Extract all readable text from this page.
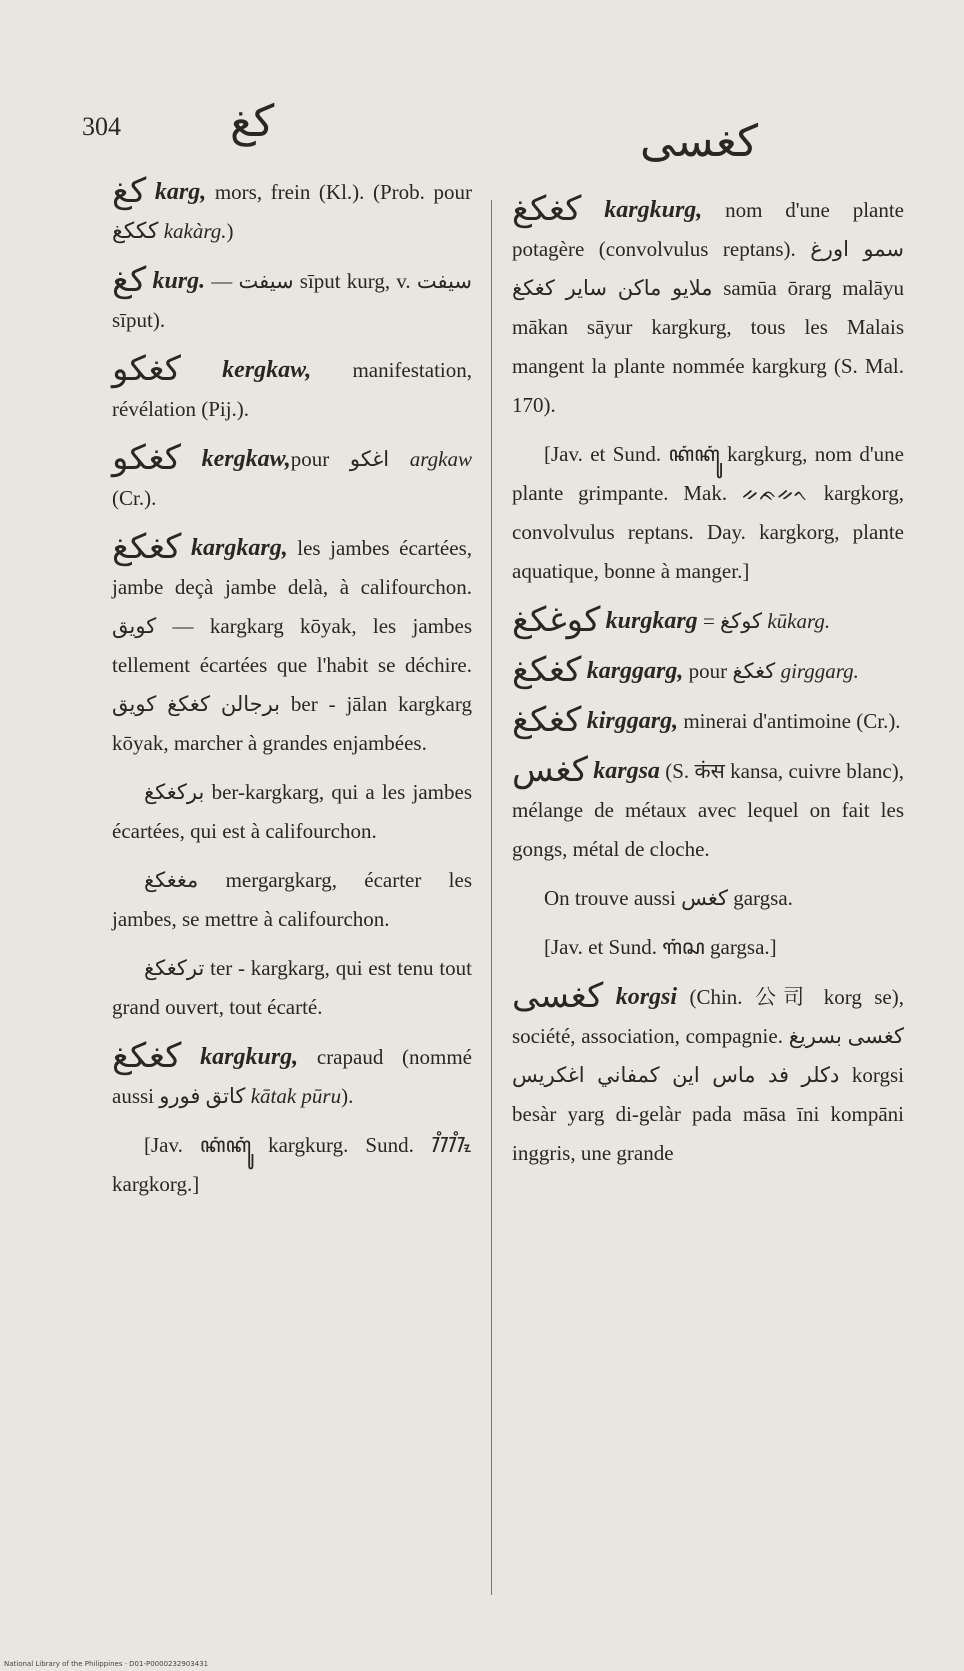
304 كغ	كغسى

كغ karg, mors, frein (Kl.). (Prob. pour كككغ kakàrg.)

كغ kurg. — سيفت sīput kurg, v. سيفت sīput).

كغكو kergkaw, manifestation, révélation (Pij.).

كغكو kergkaw,pour اغكو argkaw (Cr.).

كغكغ kargkarg, les jambes écartées, jambe deçà jambe delà, à califourchon. كويق — kargkarg kōyak, les jambes tellement écartées que l'habit se déchire. برجالن كغكغ كويق ber - jālan kargkarg kōyak, marcher à grandes enjambées.

بركغكغ ber-kargkarg, qui a les jambes écartées, qui est à califourchon.

مغغكغ mergargkarg, écarter les jambes, se mettre à califourchon.

تركغكغ ter - kargkarg, qui est tenu tout grand ouvert, tout écarté.

كغكغ kargkurg, crapaud (nommé aussi كاتق فورو kātak pūru).

[Jav. ꦏꦁꦏꦸꦁ kargkurg. Sund. ᮊᮀᮊᮧᮀ kargkorg.]

كغكغ kargkurg, nom d'une plante potagère (convolvulus reptans). سمو اورغ ملايو ماكن ساير كغكغ samūa ōrarg malāyu mākan sāyur kargkurg, tous les Malais mangent la plante nommée kargkurg (S. Mal. 170).

[Jav. et Sund. ꦏꦁꦏꦸꦁ kargkurg, nom d'une plante grimpante. Mak. ᨀᨃᨀᨚ kargkorg, convolvulus reptans. Day. kargkorg, plante aquatique, bonne à manger.]

كوغكغ kurgkarg = كوكغ kūkarg.

كغكغ karggarg, pour كغكغ girggarg.

كغكغ kirggarg, minerai d'antimoine (Cr.).

كغس kargsa (S. कंस kansa, cuivre blanc), mélange de métaux avec lequel on fait les gongs, métal de cloche.

On trouve aussi كغس gargsa.

[Jav. et Sund. ꦒꦁꦱ gargsa.]

كغسى korgsi (Chin. 公司 korg se), société, association, compagnie. كغسى بسريغ دكلر فد ماس اين كمفاني اغكريس korgsi besàr yarg di-gelàr pada māsa īni kompāni inggris, une grande

National Library of the Philippines · D01-P0000232903431
